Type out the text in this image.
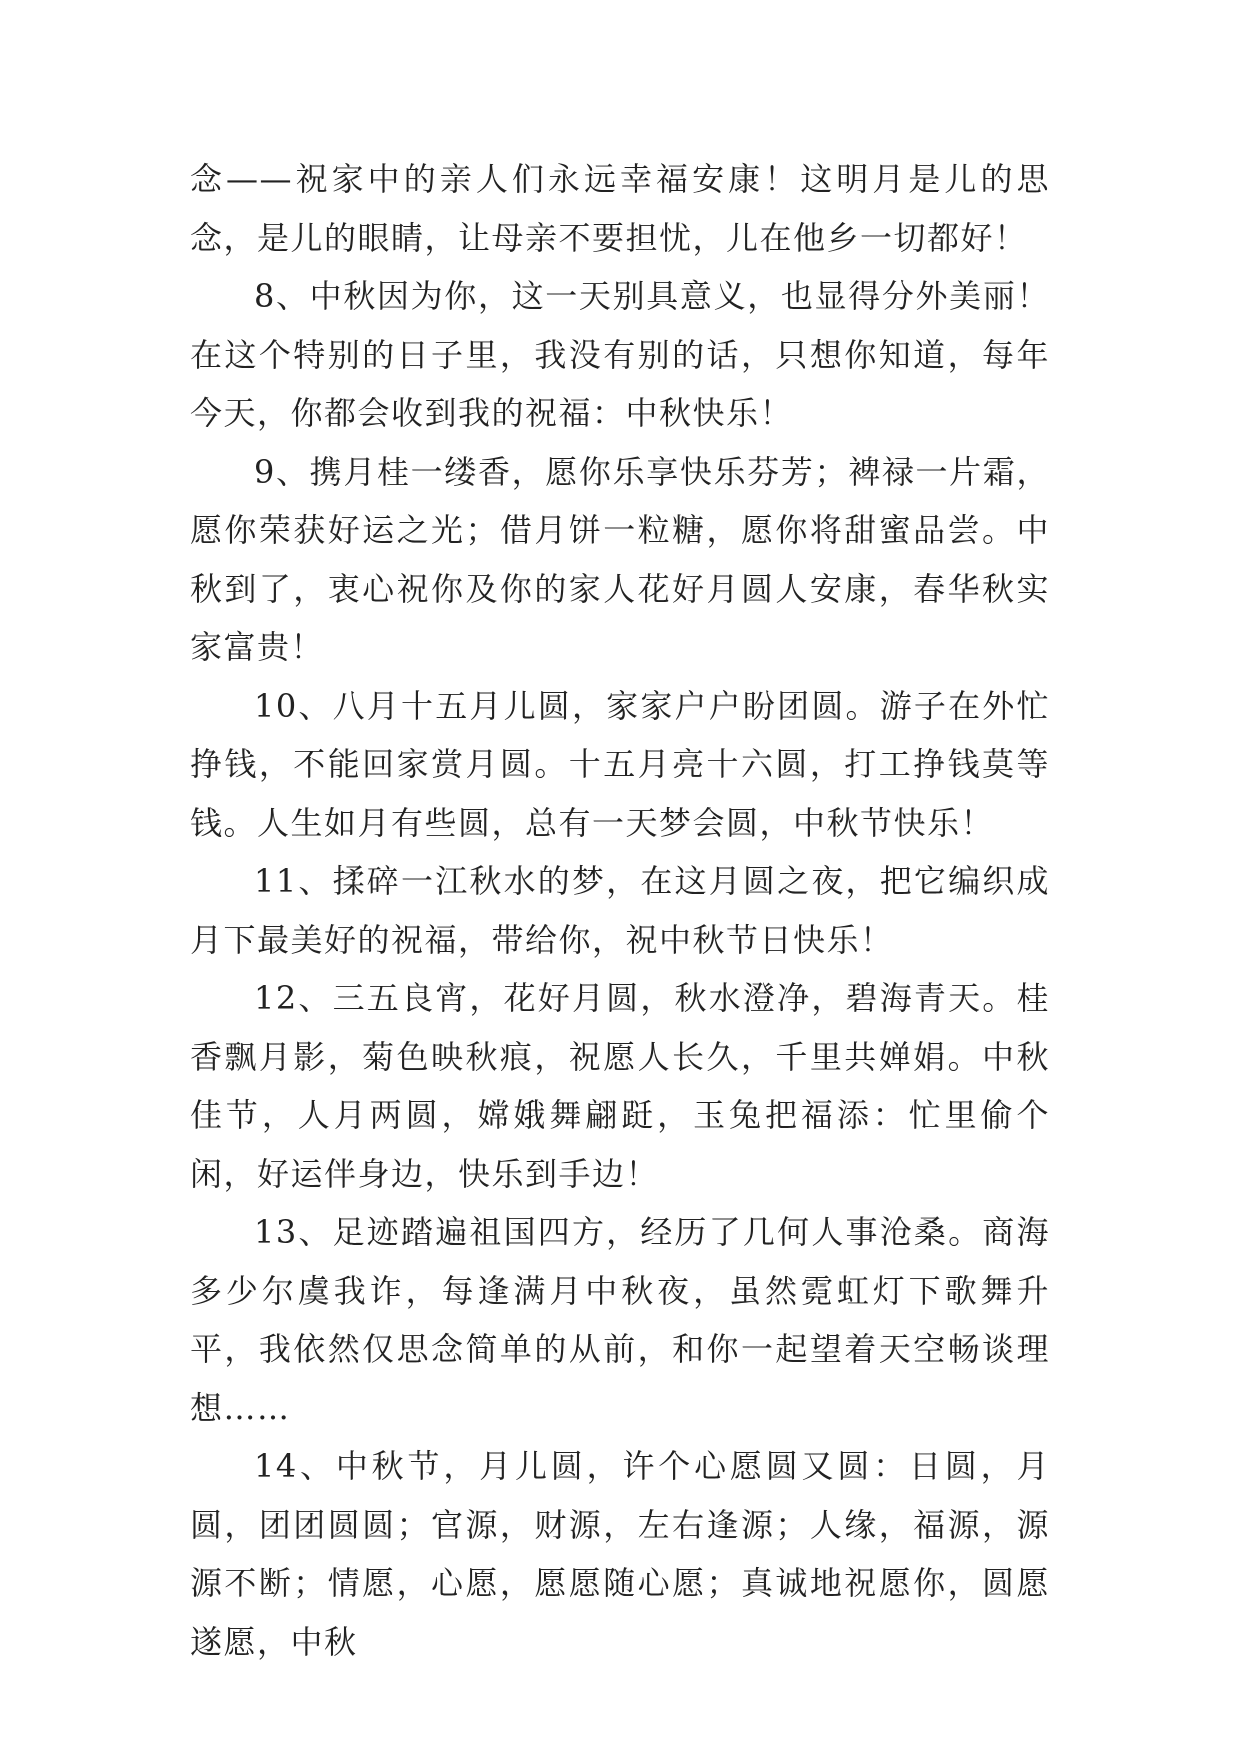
念——祝家中的亲人们永远幸福安康！这明月是儿的思念，是儿的眼睛，让母亲不要担忧，儿在他乡一切都好！

8、中秋因为你，这一天别具意义，也显得分外美丽！在这个特别的日子里，我没有别的话，只想你知道，每年今天，你都会收到我的祝福：中秋快乐！

9、携月桂一缕香，愿你乐享快乐芬芳；裨禄一片霜，愿你荣获好运之光；借月饼一粒糖，愿你将甜蜜品尝。中秋到了，衷心祝你及你的家人花好月圆人安康，春华秋实家富贵！

10、八月十五月儿圆，家家户户盼团圆。游子在外忙挣钱，不能回家赏月圆。十五月亮十六圆，打工挣钱莫等钱。人生如月有些圆，总有一天梦会圆，中秋节快乐！

11、揉碎一江秋水的梦，在这月圆之夜，把它编织成月下最美好的祝福，带给你，祝中秋节日快乐！

12、三五良宵，花好月圆，秋水澄净，碧海青天。桂香飘月影，菊色映秋痕，祝愿人长久，千里共婵娟。中秋佳节，人月两圆，嫦娥舞翩跹，玉兔把福添：忙里偷个闲，好运伴身边，快乐到手边！

13、足迹踏遍祖国四方，经历了几何人事沧桑。商海多少尔虞我诈，每逢满月中秋夜，虽然霓虹灯下歌舞升平，我依然仅思念简单的从前，和你一起望着天空畅谈理想……

14、中秋节，月儿圆，许个心愿圆又圆：日圆，月圆，团团圆圆；官源，财源，左右逢源；人缘，福源，源源不断；情愿，心愿，愿愿随心愿；真诚地祝愿你，圆愿遂愿，中秋
